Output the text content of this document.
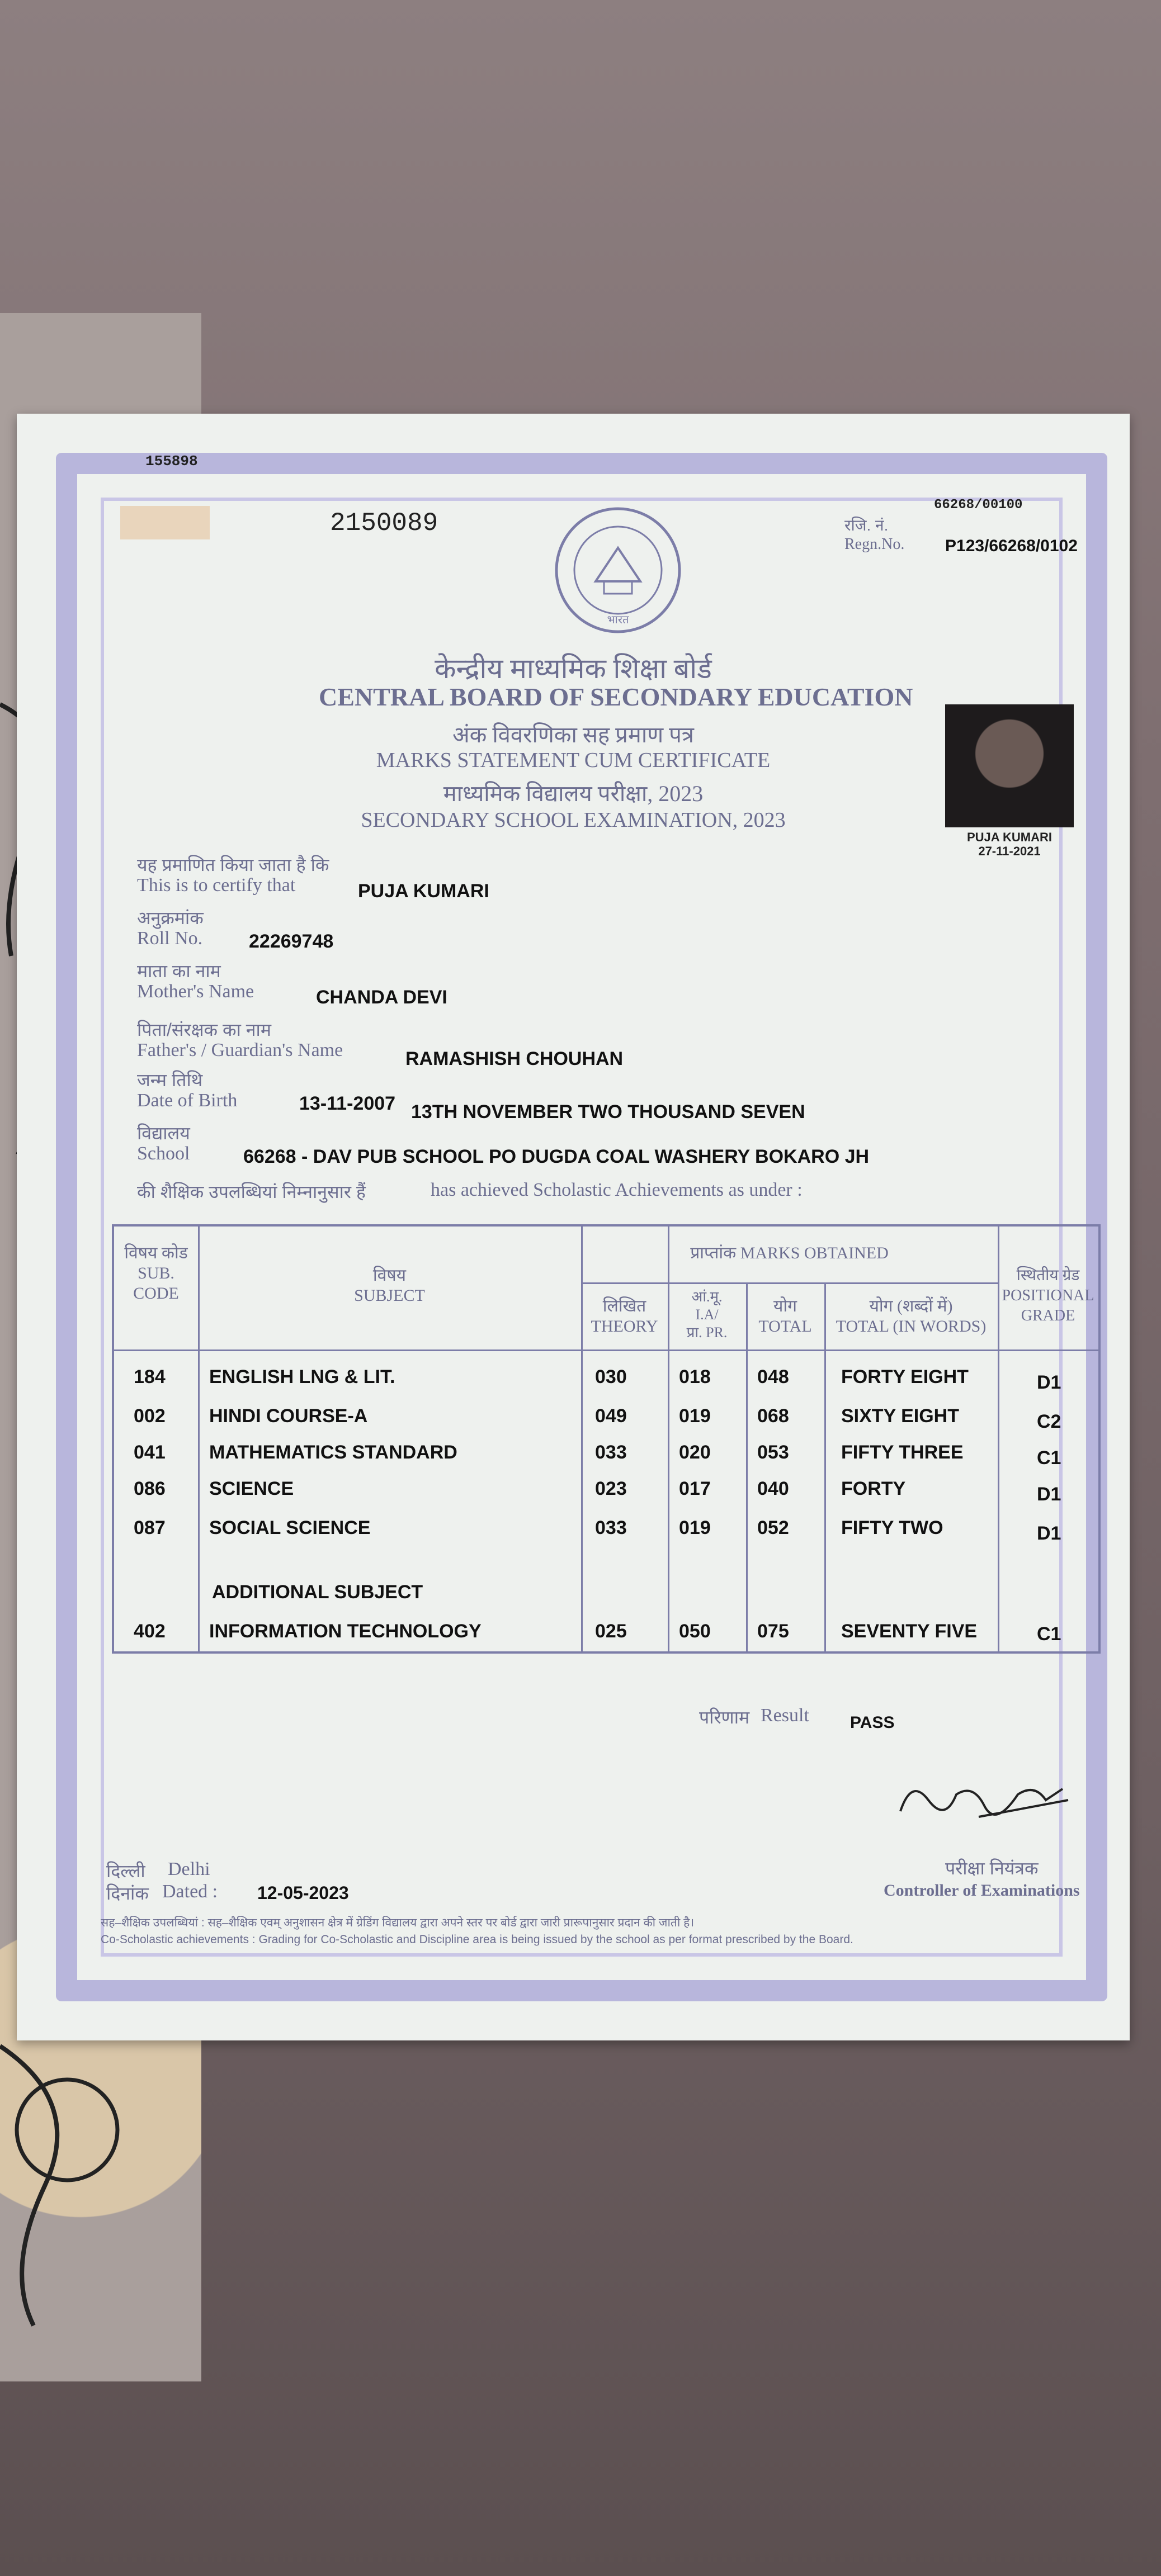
155898
66268/00100
2150089	रजि. नं.
Regn.No. P123/66268/0102
भारत
केन्द्रीय माध्यमिक शिक्षा बोर्ड
CENTRAL BOARD OF SECONDARY EDUCATION
अंक विवरणिका सह प्रमाण पत्र
MARKS STATEMENT CUM CERTIFICATE
माध्यमिक विद्यालय परीक्षा, 2023
SECONDARY SCHOOL EXAMINATION, 2023
PUJA KUMARI
27-11-2021
यह प्रमाणित किया जाता है कि
This is to certify that	PUJA KUMARI
अनुक्रमांक
Roll No. 22269748
माता का नाम
Mother's Name	CHANDA DEVI
पिता/संरक्षक का नाम
Father's / Guardian's Name	RAMASHISH CHOUHAN
जन्म तिथि
Date of Birth	13-11-2007 13TH NOVEMBER TWO THOUSAND SEVEN
विद्यालय
School	66268 - DAV PUB SCHOOL PO DUGDA COAL WASHERY BOKARO JH
की शैक्षिक उपलब्धियां निम्नानुसार हैं	has achieved Scholastic Achievements as under :
विषय कोड
SUB. CODE
विषय
SUBJECT
प्राप्तांक MARKS OBTAINED
लिखित
THEORY
आं.मू.
I.A/
प्रा. PR.
योग
TOTAL
योग (शब्दों में)
TOTAL (IN WORDS)
स्थितीय ग्रेड
POSITIONAL GRADE
184 ENGLISH LNG & LIT.	030	018 048	FORTY EIGHT	D1
002 HINDI COURSE-A	049	019 068	SIXTY EIGHT	C2
041 MATHEMATICS STANDARD	033	020 053	FIFTY THREE	C1
086 SCIENCE	023	017 040	FORTY	D1
087 SOCIAL SCIENCE	033	019 052	FIFTY TWO	D1
ADDITIONAL SUBJECT
402 INFORMATION TECHNOLOGY	025	050 075	SEVENTY FIVE	C1
परिणाम Result PASS
दिल्ली Delhi
दिनांक Dated : 12-05-2023
परीक्षा नियंत्रक
Controller of Examinations
सह–शैक्षिक उपलब्धियां : सह–शैक्षिक एवम् अनुशासन क्षेत्र में ग्रेडिंग विद्यालय द्वारा अपने स्तर पर बोर्ड द्वारा जारी प्रारूपानुसार प्रदान की जाती है।
Co-Scholastic achievements : Grading for Co-Scholastic and Discipline area is being issued by the school as per format prescribed by the Board.
